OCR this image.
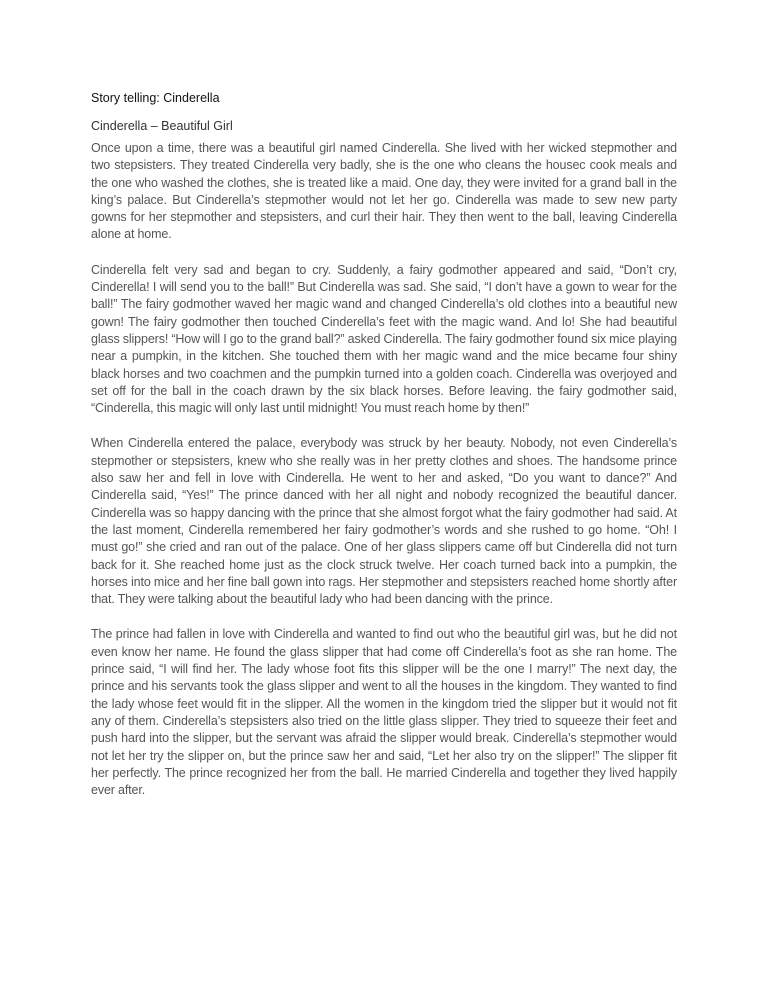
Story telling: Cinderella
Cinderella – Beautiful Girl

Once upon a time, there was a beautiful girl named Cinderella. She lived with her wicked stepmother and two stepsisters. They treated Cinderella very badly, she is the one who cleans the housec cook meals and the one who washed the clothes, she is treated like a maid. One day, they were invited for a grand ball in the king’s palace. But Cinderella’s stepmother would not let her go. Cinderella was made to sew new party gowns for her stepmother and stepsisters, and curl their hair. They then went to the ball, leaving Cinderella alone at home.

Cinderella felt very sad and began to cry. Suddenly, a fairy godmother appeared and said, “Don’t cry, Cinderella! I will send you to the ball!” But Cinderella was sad. She said, “I don’t have a gown to wear for the ball!” The fairy godmother waved her magic wand and changed Cinderella’s old clothes into a beautiful new gown! The fairy godmother then touched Cinderella’s feet with the magic wand. And lo! She had beautiful glass slippers! “How will I go to the grand ball?” asked Cinderella. The fairy godmother found six mice playing near a pumpkin, in the kitchen. She touched them with her magic wand and the mice became four shiny black horses and two coachmen and the pumpkin turned into a golden coach. Cinderella was overjoyed and set off for the ball in the coach drawn by the six black horses. Before leaving. the fairy godmother said, “Cinderella, this magic will only last until midnight! You must reach home by then!”

When Cinderella entered the palace, everybody was struck by her beauty. Nobody, not even Cinderella’s stepmother or stepsisters, knew who she really was in her pretty clothes and shoes. The handsome prince also saw her and fell in love with Cinderella. He went to her and asked, “Do you want to dance?” And Cinderella said, “Yes!” The prince danced with her all night and nobody recognized the beautiful dancer. Cinderella was so happy dancing with the prince that she almost forgot what the fairy godmother had said. At the last moment, Cinderella remembered her fairy godmother’s words and she rushed to go home. “Oh! I must go!” she cried and ran out of the palace. One of her glass slippers came off but Cinderella did not turn back for it. She reached home just as the clock struck twelve. Her coach turned back into a pumpkin, the horses into mice and her fine ball gown into rags. Her stepmother and stepsisters reached home shortly after that. They were talking about the beautiful lady who had been dancing with the prince.

The prince had fallen in love with Cinderella and wanted to find out who the beautiful girl was, but he did not even know her name. He found the glass slipper that had come off Cinderella’s foot as she ran home. The prince said, “I will find her. The lady whose foot fits this slipper will be the one I marry!” The next day, the prince and his servants took the glass slipper and went to all the houses in the kingdom. They wanted to find the lady whose feet would fit in the slipper. All the women in the kingdom tried the slipper but it would not fit any of them. Cinderella’s stepsisters also tried on the little glass slipper. They tried to squeeze their feet and push hard into the slipper, but the servant was afraid the slipper would break. Cinderella’s stepmother would not let her try the slipper on, but the prince saw her and said, “Let her also try on the slipper!” The slipper fit her perfectly. The prince recognized her from the ball. He married Cinderella and together they lived happily ever after.
